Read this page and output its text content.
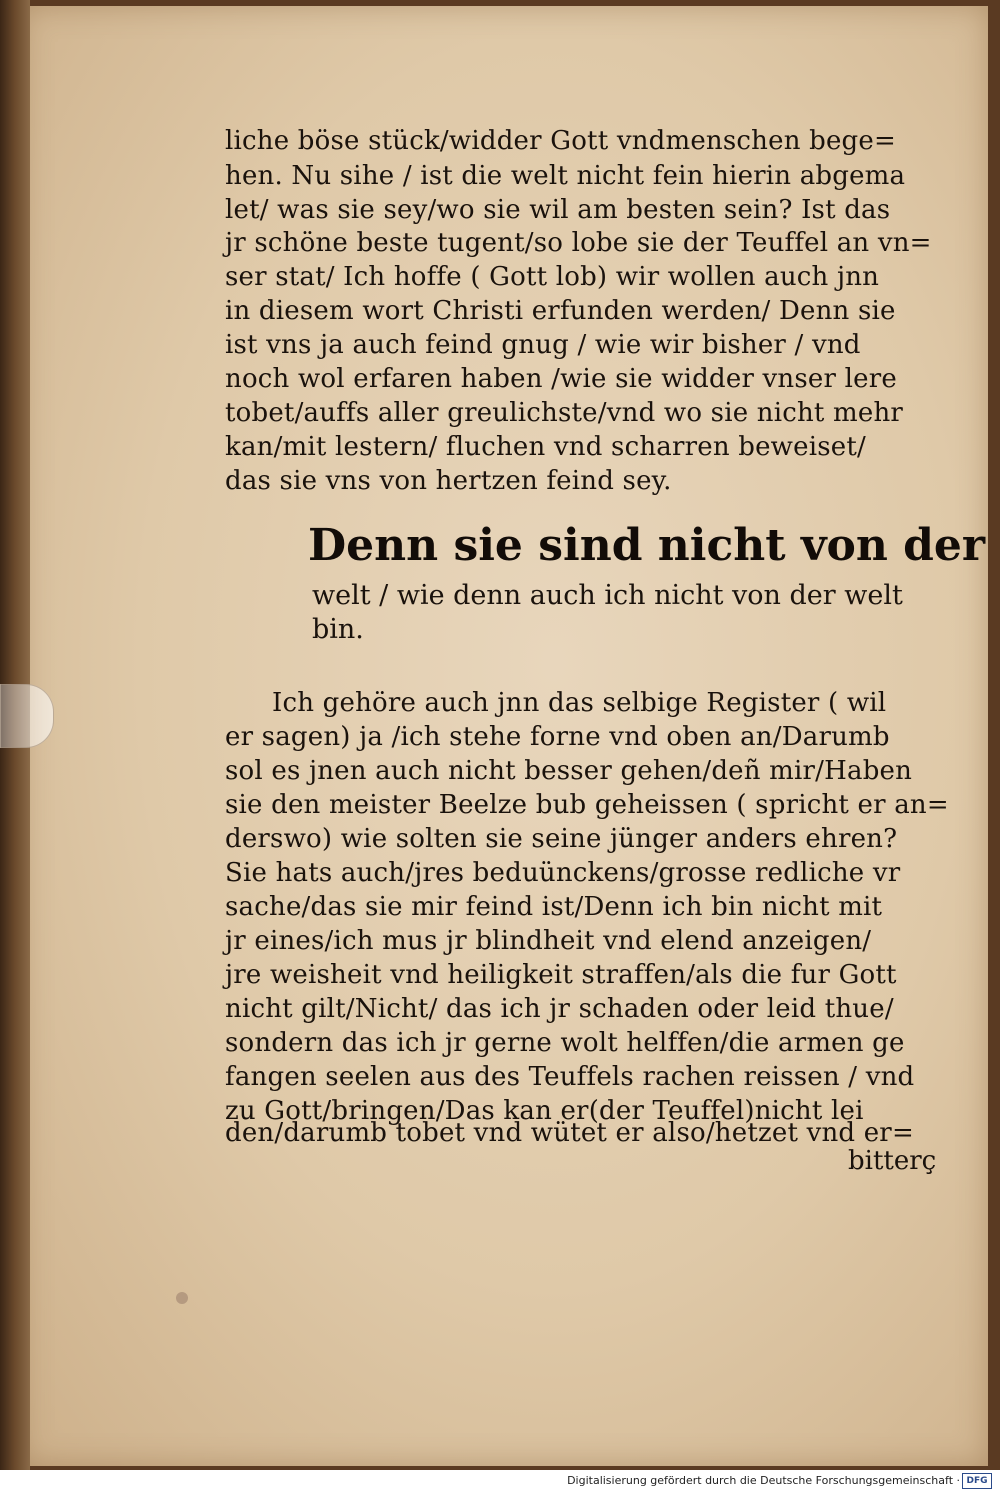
liche böse stück/widder Gott vndmenschen bege=
hen. Nu sihe / ist die welt nicht fein hierin abgema
let/ was sie sey/wo sie wil am besten sein? Ist das
jr schöne beste tugent/so lobe sie der Teuffel an vn=
ser stat/ Ich hoffe ( Gott lob) wir wollen auch jnn
in diesem wort Christi erfunden werden/ Denn sie
ist vns ja auch feind gnug / wie wir bisher / vnd
noch wol erfaren haben /wie sie widder vnser lere
tobet/auffs aller greulichste/vnd wo sie nicht mehr
kan/mit lestern/ fluchen vnd scharren beweiset/
das sie vns von hertzen feind sey.
Denn sie sind nicht von der
welt / wie denn auch ich nicht von der welt
bin.
Ich gehöre auch jnn das selbige Register ( wil
er sagen) ja /ich stehe forne vnd oben an/Darumb
sol es jnen auch nicht besser gehen/deñ mir/Haben
sie den meister Beelze bub geheissen ( spricht er an=
derswo) wie solten sie seine jünger anders ehren?
Sie hats auch/jres beduünckens/grosse redliche vr
sache/das sie mir feind ist/Denn ich bin nicht mit
jr eines/ich mus jr blindheit vnd elend anzeigen/
jre weisheit vnd heiligkeit straffen/als die fur Gott
nicht gilt/Nicht/ das ich jr schaden oder leid thue/
sondern das ich jr gerne wolt helffen/die armen ge
fangen seelen aus des Teuffels rachen reissen / vnd
zu Gott/bringen/Das kan er(der Teuffel)nicht lei
den/darumb tobet vnd wütet er also/hetzet vnd er=
bitterç
Digitalisierung gefördert durch die Deutsche Forschungsgemeinschaft · DFG
